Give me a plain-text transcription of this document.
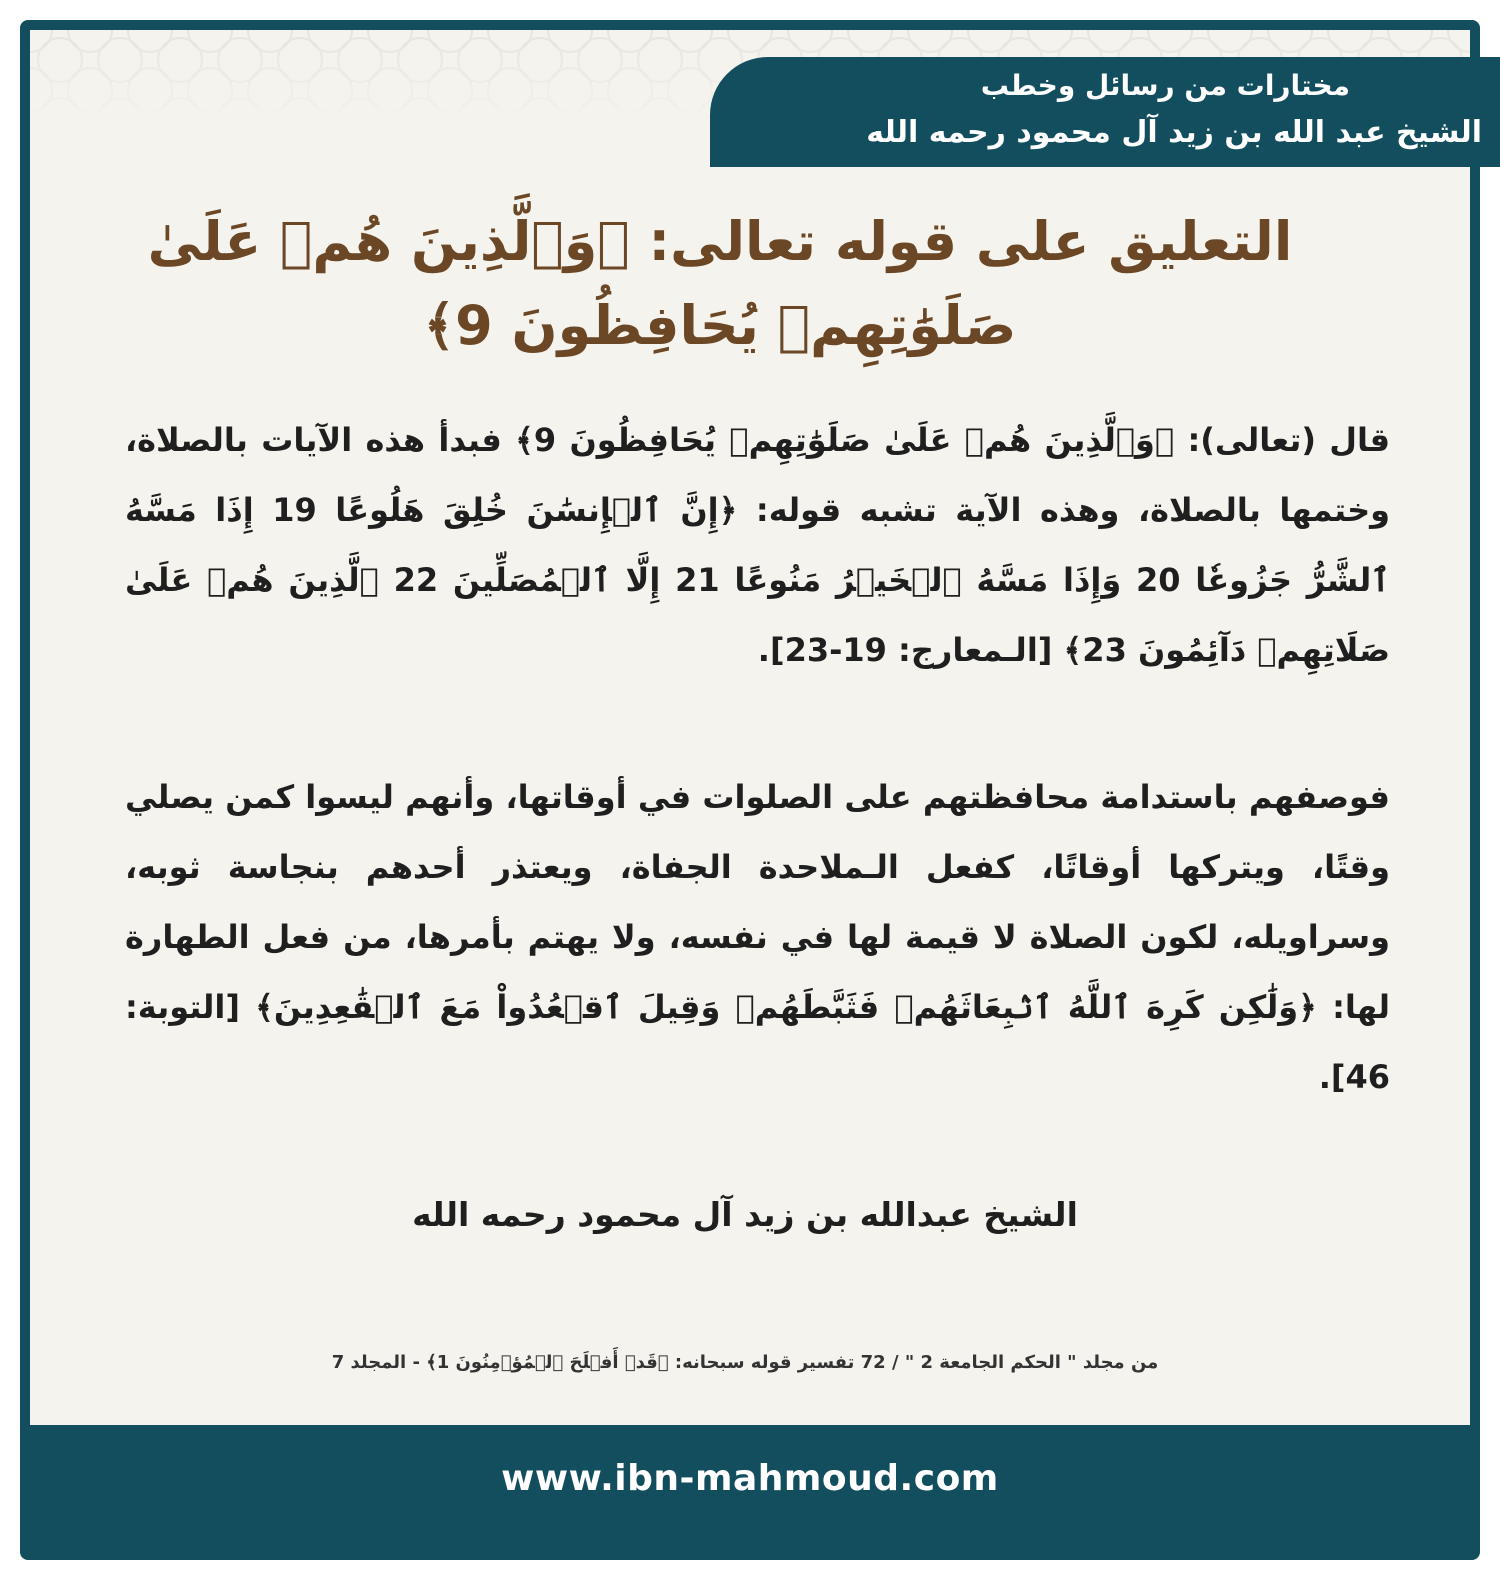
مختارات من رسائل وخطب
الشيخ عبد الله بن زيد آل محمود رحمه الله
التعليق على قوله تعالى: ﴿وَٱلَّذِينَ هُمۡ عَلَىٰ
صَلَوَٰتِهِمۡ يُحَافِظُونَ 9﴾
قال (تعالى): ﴿وَٱلَّذِينَ هُمۡ عَلَىٰ صَلَوَٰتِهِمۡ يُحَافِظُونَ 9﴾ فبدأ هذه الآيات بالصلاة، وختمها بالصلاة، وهذه الآية تشبه قوله: ﴿إِنَّ ٱلۡإِنسَٰنَ خُلِقَ هَلُوعًا 19 إِذَا مَسَّهُ ٱلشَّرُّ جَزُوعٗا 20 وَإِذَا مَسَّهُ ٱلۡخَيۡرُ مَنُوعًا 21 إِلَّا ٱلۡمُصَلِّينَ 22 ٱلَّذِينَ هُمۡ عَلَىٰ صَلَاتِهِمۡ دَآئِمُونَ 23﴾ [الـمعارج: 19-23].
فوصفهم باستدامة محافظتهم على الصلوات في أوقاتها، وأنهم ليسوا كمن يصلي وقتًا، ويتركها أوقاتًا، كفعل الـملاحدة الجفاة، ويعتذر أحدهم بنجاسة ثوبه، وسراويله، لكون الصلاة لا قيمة لها في نفسه، ولا يهتم بأمرها، من فعل الطهارة لها: ﴿وَلَٰكِن كَرِهَ ٱللَّهُ ٱنۢبِعَاثَهُمۡ فَثَبَّطَهُمۡ وَقِيلَ ٱقۡعُدُواْ مَعَ ٱلۡقَٰعِدِينَ﴾ [التوبة: 46].
الشيخ عبدالله بن زيد آل محمود رحمه الله
من مجلد " الحكم الجامعة 2 " / 72 تفسير قوله سبحانه: ﴿قَدۡ أَفۡلَحَ ٱلۡمُؤۡمِنُونَ 1﴾ - المجلد 7
www.ibn-mahmoud.com
